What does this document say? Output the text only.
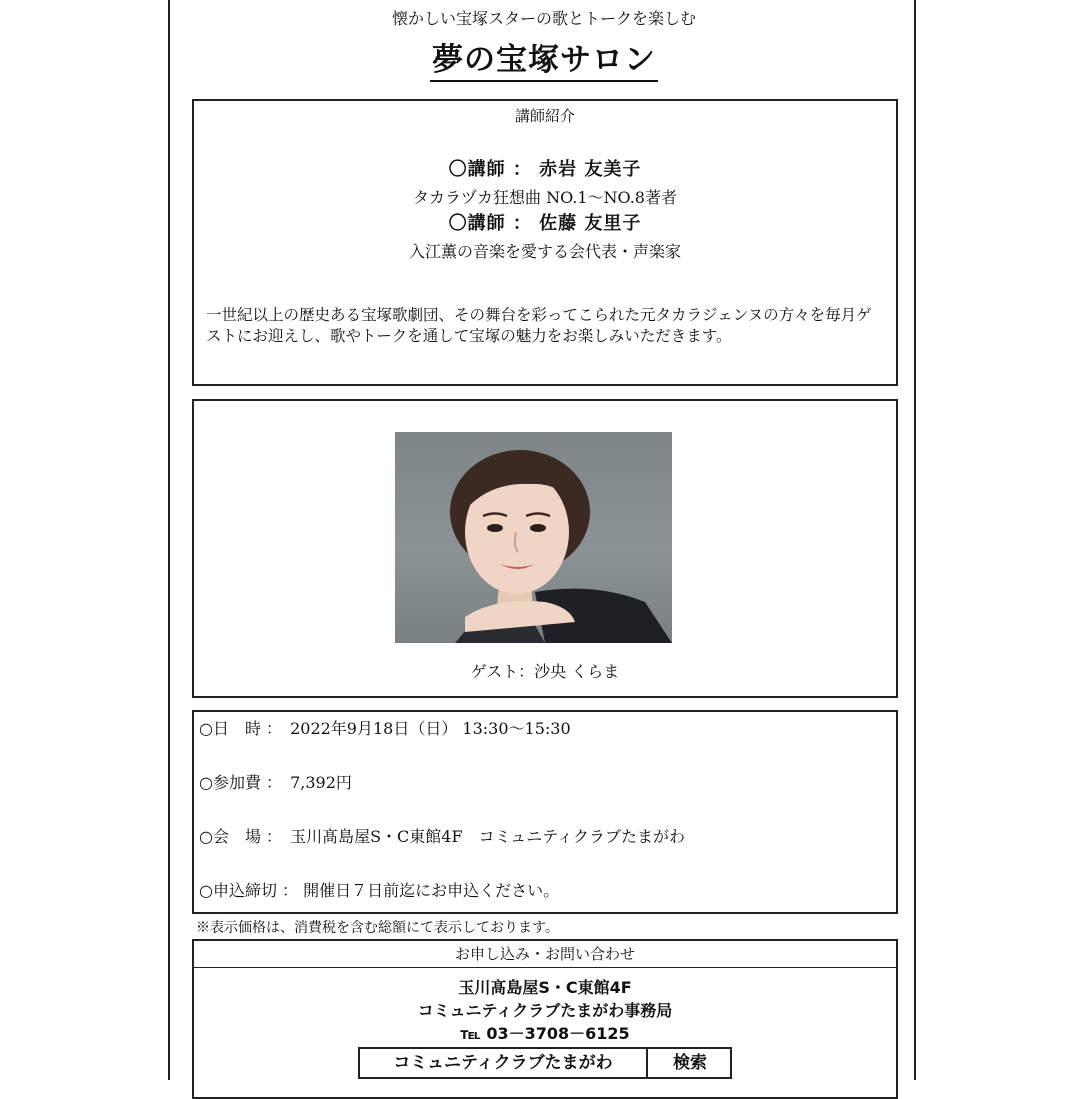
懐かしい宝塚スターの歌とトークを楽しむ
夢の宝塚サロン
講師紹介
〇講師 ： 赤岩 友美子
タカラヅカ狂想曲 NO.1～NO.8著者
〇講師 ： 佐藤 友里子
入江薫の音楽を愛する会代表・声楽家
一世紀以上の歴史ある宝塚歌劇団、その舞台を彩ってこられた元タカラジェンヌの方々を毎月ゲストにお迎えし、歌やトークを通して宝塚の魅力をお楽しみいただきます。
ゲスト：沙央 くらま
○日　時 ：　 2022年9月18日（日） 13:30～15:30
○参加費 ：　 7,392円
○会　場 ：　 玉川髙島屋S・C東館4F　コミュニティクラブたまがわ
○申込締切 ： 開催日７日前迄にお申込ください。
※表示価格は、消費税を含む総額にて表示しております。
お申し込み・お問い合わせ
玉川髙島屋S・C東館4F
コミュニティクラブたまがわ事務局
℡ 03－3708－6125
コミュニティクラブたまがわ	検索
